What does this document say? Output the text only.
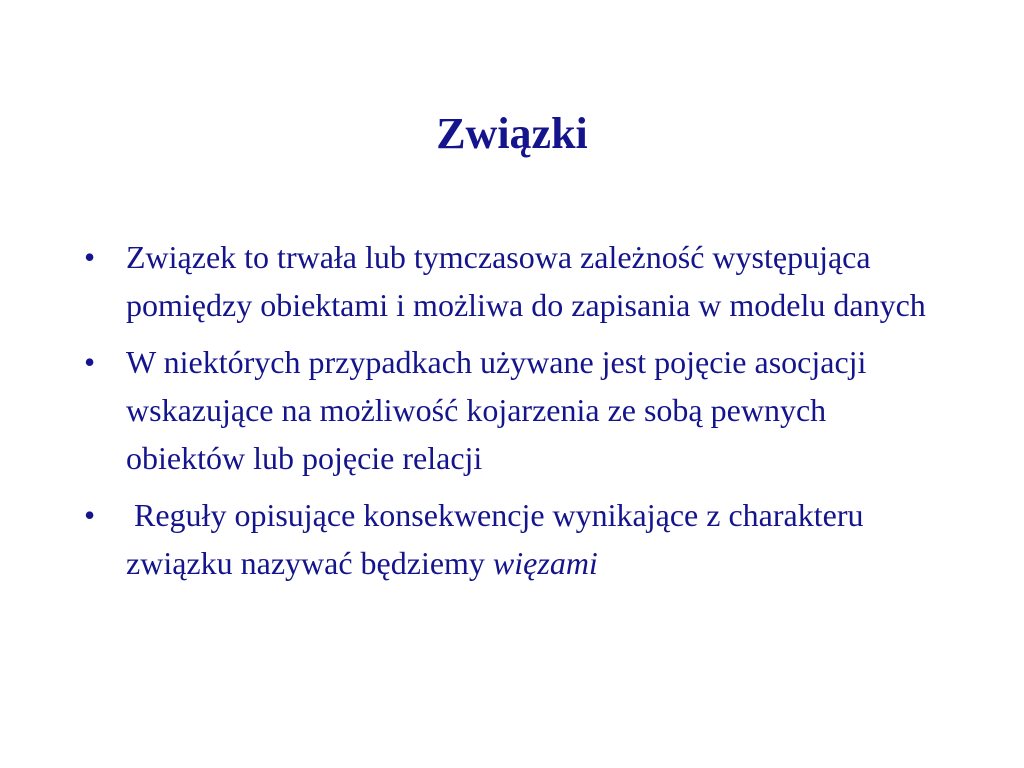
Związki
• Związek to trwała lub tymczasowa zależność występująca pomiędzy obiektami i możliwa do zapisania w modelu danych
• W niektórych przypadkach używane jest pojęcie asocjacji wskazujące na możliwość kojarzenia ze sobą pewnych obiektów lub pojęcie relacji
• Reguły opisujące konsekwencje wynikające z charakteru związku nazywać będziemy więzami
